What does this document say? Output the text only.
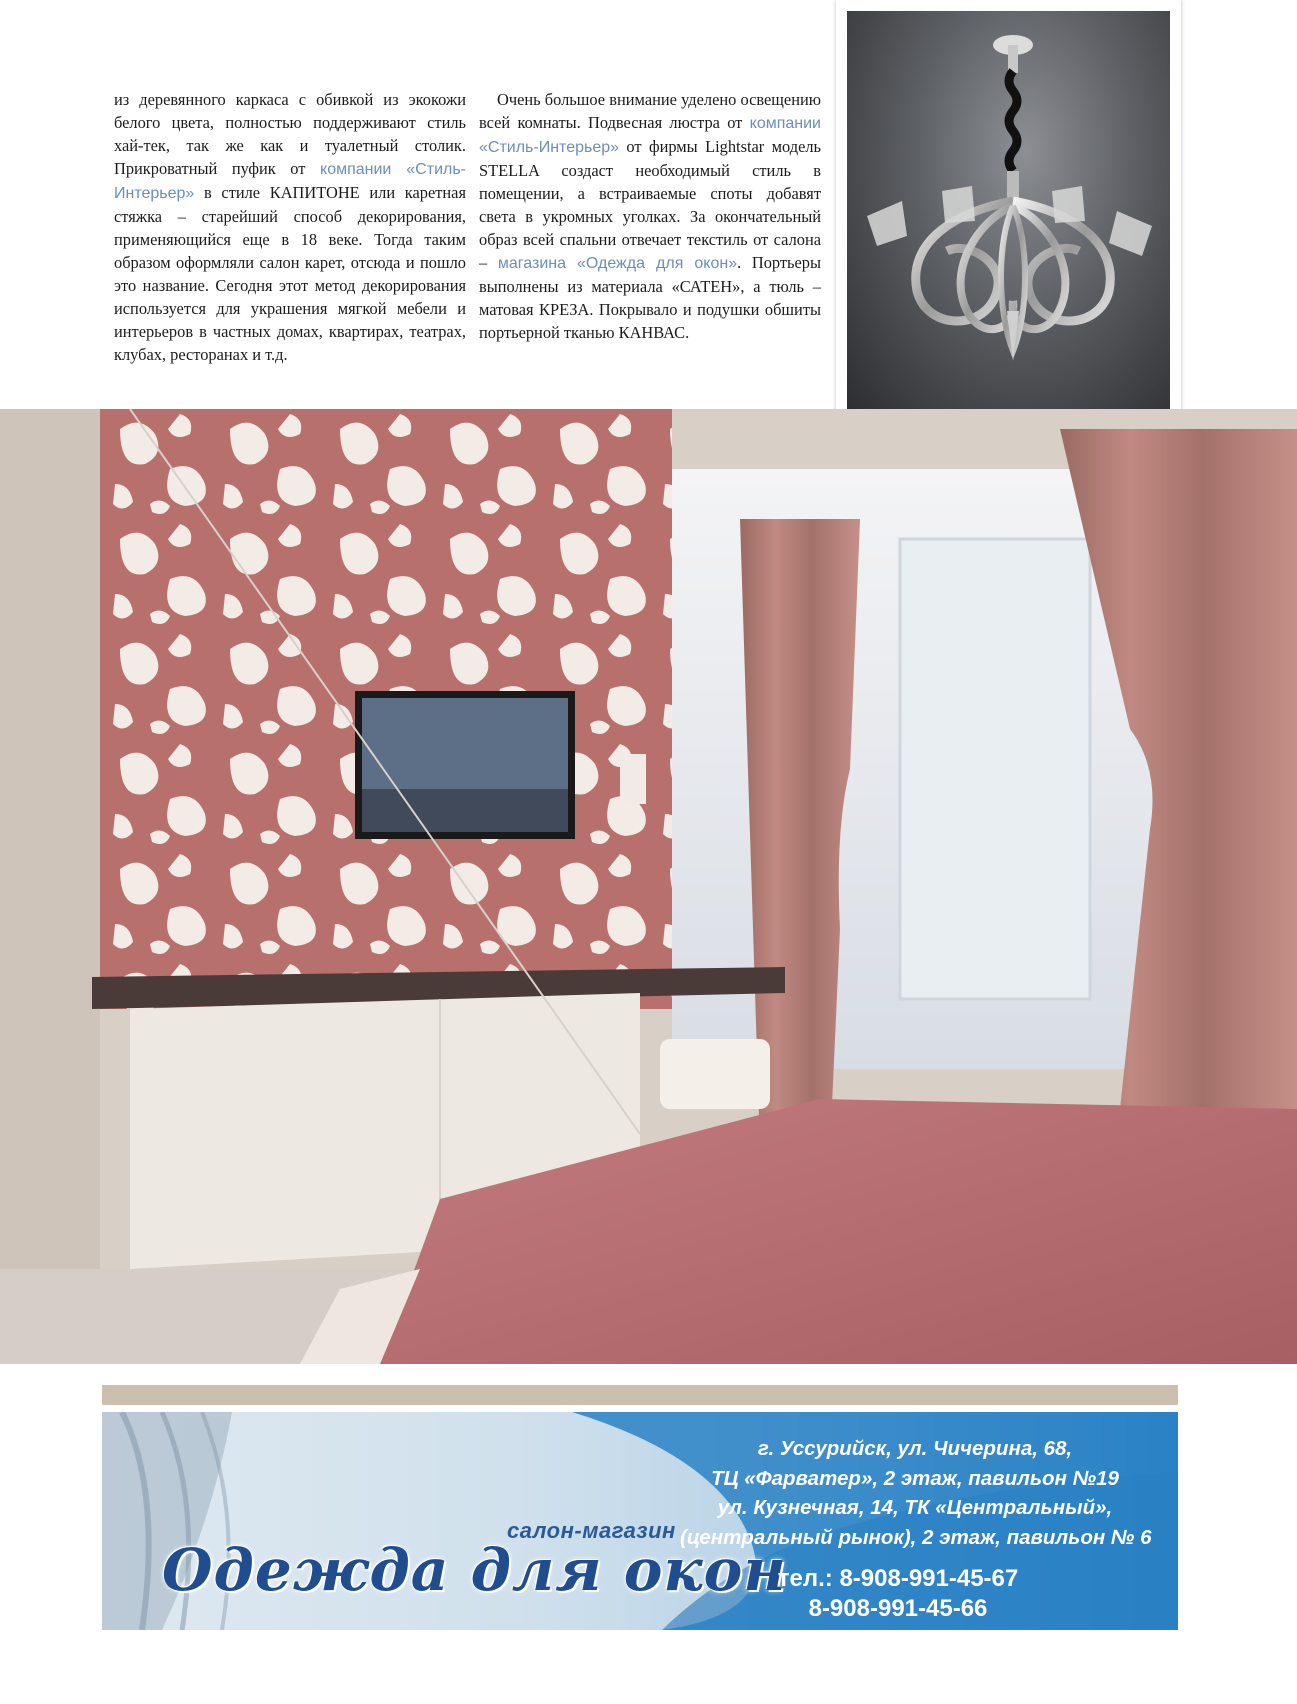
из деревянного каркаса с обивкой из экокожи белого цвета, полностью поддерживают стиль хай-тек, так же как и туалетный столик. Прикроватный пуфик от компании «Стиль-Интерьер» в стиле КАПИТОНЕ или каретная стяжка – старейший способ декорирования, применяющийся еще в 18 веке. Тогда таким образом оформляли салон карет, отсюда и пошло это название. Сегодня этот метод декорирования используется для украшения мягкой мебели и интерьеров в частных домах, квартирах, театрах, клубах, ресторанах и т.д.

Очень большое внимание уделено освещению всей комнаты. Подвесная люстра от компании «Стиль-Интерьер» от фирмы Lightstar модель STELLA создаст необходимый стиль в помещении, а встраиваемые споты добавят света в укромных уголках. За окончательный образ всей спальни отвечает текстиль от салона – магазина «Одежда для окон». Портьеры выполнены из материала «САТЕН», а тюль – матовая КРЕЗА. Покрывало и подушки обшиты портьерной тканью КАНВАС.

салон-магазин
Одежда для окон
г. Уссурийск, ул. Чичерина, 68,
ТЦ «Фарватер», 2 этаж, павильон №19
ул. Кузнечная, 14, ТК «Центральный»,
(центральный рынок), 2 этаж, павильон № 6
тел.: 8-908-991-45-67
8-908-991-45-66
